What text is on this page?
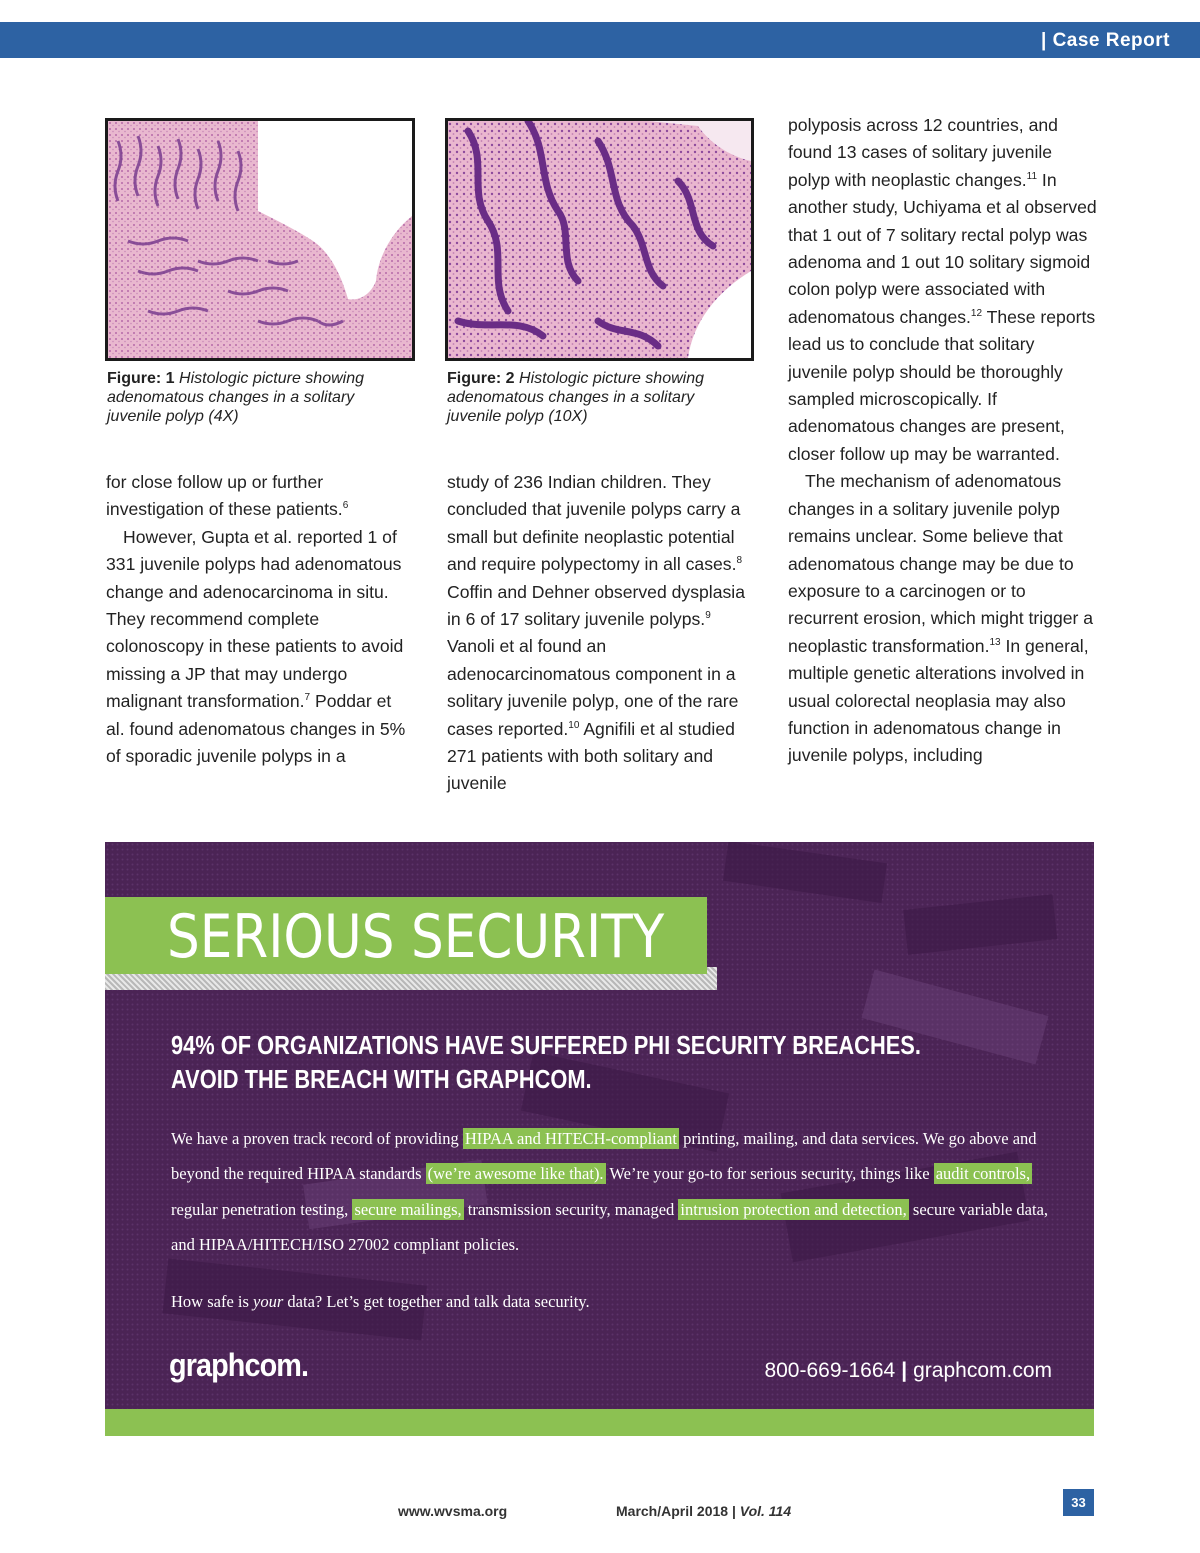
| Case Report
Figure: 1 Histologic picture showing adenomatous changes in a solitary juvenile polyp (4X)
Figure: 2 Histologic picture showing adenomatous changes in a solitary juvenile polyp (10X)

for close follow up or further investigation of these patients.$^6$

However, Gupta et al. reported 1 of 331 juvenile polyps had adenomatous change and adenocarcinoma in situ. They recommend complete colonoscopy in these patients to avoid missing a JP that may undergo malignant transformation.$^7$ Poddar et al. found adenomatous changes in 5% of sporadic juvenile polyps in a

study of 236 Indian children. They concluded that juvenile polyps carry a small but definite neoplastic potential and require polypectomy in all cases.$^8$ Coffin and Dehner observed dysplasia in 6 of 17 solitary juvenile polyps.$^9$ Vanoli et al found an adenocarcinomatous component in a solitary juvenile polyp, one of the rare cases reported.$^{10}$ Agnifili et al studied 271 patients with both solitary and juvenile

polyposis across 12 countries, and found 13 cases of solitary juvenile polyp with neoplastic changes.$^{11}$ In another study, Uchiyama et al observed that 1 out of 7 solitary rectal polyp was adenoma and 1 out 10 solitary sigmoid colon polyp were associated with adenomatous changes.$^{12}$ These reports lead us to conclude that solitary juvenile polyp should be thoroughly sampled microscopically. If adenomatous changes are present, closer follow up may be warranted.

The mechanism of adenomatous changes in a solitary juvenile polyp remains unclear. Some believe that adenomatous change may be due to exposure to a carcinogen or to recurrent erosion, which might trigger a neoplastic transformation.$^{13}$ In general, multiple genetic alterations involved in usual colorectal neoplasia may also function in adenomatous change in juvenile polyps, including

SERIOUS SECURITY
94% OF ORGANIZATIONS HAVE SUFFERED PHI SECURITY BREACHES.
AVOID THE BREACH WITH GRAPHCOM.
We have a proven track record of providing HIPAA and HITECH-compliant printing, mailing, and data services. We go above and beyond the required HIPAA standards (we’re awesome like that). We’re your go-to for serious security, things like audit controls, regular penetration testing, secure mailings, transmission security, managed intrusion protection and detection, secure variable data, and HIPAA/HITECH/ISO 27002 compliant policies.
How safe is your data? Let’s get together and talk data security.
graphcom.	800-669-1664 | graphcom.com
www.wvsma.org	March/April 2018 | Vol. 114
33
